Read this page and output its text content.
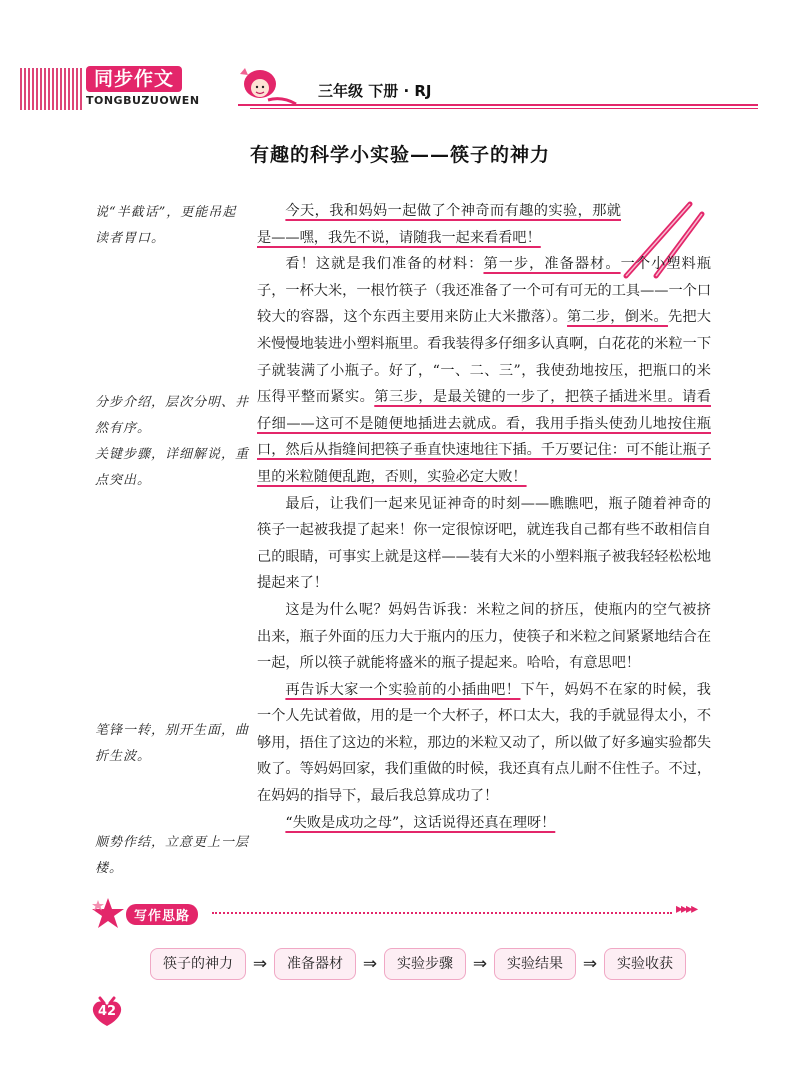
同步作文
TONGBUZUOWEN
三年级 下册 · RJ
有趣的科学小实验——筷子的神力
说“半截话”，更能吊起读者胃口。
分步介绍，层次分明、井然有序。
关键步骤，详细解说，重点突出。
笔锋一转，别开生面，曲折生波。
顺势作结，立意更上一层楼。

今天，我和妈妈一起做了个神奇而有趣的实验，那就是——嘿，我先不说，请随我一起来看看吧！

看！这就是我们准备的材料：第一步，准备器材。一个小塑料瓶子，一杯大米，一根竹筷子（我还准备了一个可有可无的工具——一个口较大的容器，这个东西主要用来防止大米撒落）。第二步，倒米。先把大米慢慢地装进小塑料瓶里。看我装得多仔细多认真啊，白花花的米粒一下子就装满了小瓶子。好了，“一、二、三”，我使劲地按压，把瓶口的米压得平整而紧实。第三步，是最关键的一步了，把筷子插进米里。请看仔细——这可不是随便地插进去就成。看，我用手指头使劲儿地按住瓶口，然后从指缝间把筷子垂直快速地往下插。千万要记住：可不能让瓶子里的米粒随便乱跑，否则，实验必定大败！

最后，让我们一起来见证神奇的时刻——瞧瞧吧，瓶子随着神奇的筷子一起被我提了起来！你一定很惊讶吧，就连我自己都有些不敢相信自己的眼睛，可事实上就是这样——装有大米的小塑料瓶子被我轻轻松松地提起来了！

这是为什么呢？妈妈告诉我：米粒之间的挤压，使瓶内的空气被挤出来，瓶子外面的压力大于瓶内的压力，使筷子和米粒之间紧紧地结合在一起，所以筷子就能将盛米的瓶子提起来。哈哈，有意思吧！

再告诉大家一个实验前的小插曲吧！下午，妈妈不在家的时候，我一个人先试着做，用的是一个大杯子，杯口太大，我的手就显得太小，不够用，捂住了这边的米粒，那边的米粒又动了，所以做了好多遍实验都失败了。等妈妈回家，我们重做的时候，我还真有点儿耐不住性子。不过，在妈妈的指导下，最后我总算成功了！

“失败是成功之母”，这话说得还真在理呀！

写作思路	▸▸▸▸
筷子的神力	⇒	准备器材	⇒	实验步骤	⇒	实验结果	⇒	实验收获
42
